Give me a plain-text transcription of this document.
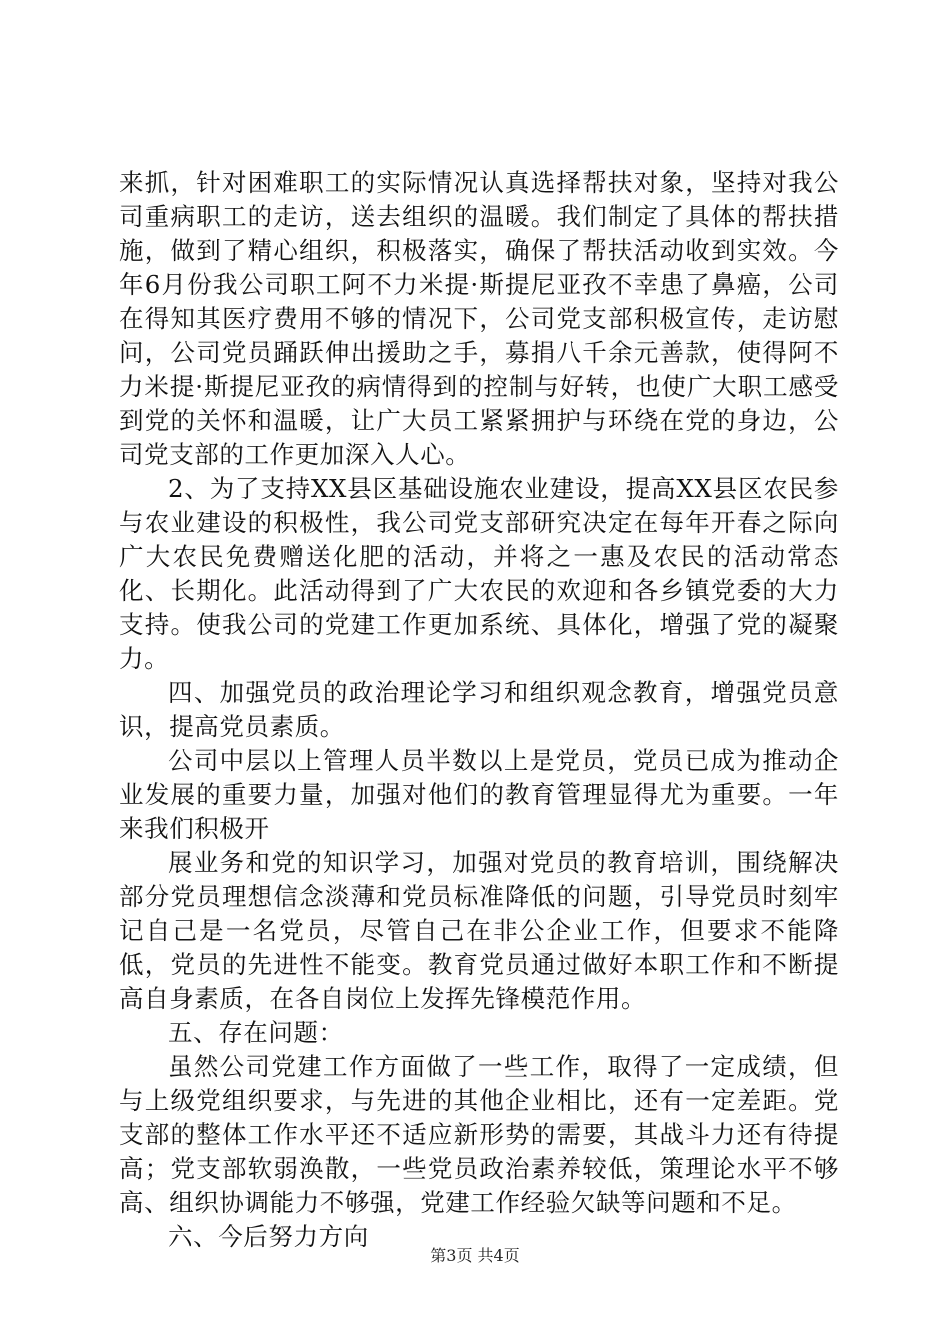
来抓，针对困难职工的实际情况认真选择帮扶对象，坚持对我公司重病职工的走访，送去组织的温暖。我们制定了具体的帮扶措施，做到了精心组织，积极落实，确保了帮扶活动收到实效。今年6月份我公司职工阿不力米提·斯提尼亚孜不幸患了鼻癌，公司在得知其医疗费用不够的情况下，公司党支部积极宣传，走访慰问，公司党员踊跃伸出援助之手，募捐八千余元善款，使得阿不力米提·斯提尼亚孜的病情得到的控制与好转，也使广大职工感受到党的关怀和温暖，让广大员工紧紧拥护与环绕在党的身边，公司党支部的工作更加深入人心。

2、为了支持XX县区基础设施农业建设，提高XX县区农民参与农业建设的积极性，我公司党支部研究决定在每年开春之际向广大农民免费赠送化肥的活动，并将之一惠及农民的活动常态化、长期化。此活动得到了广大农民的欢迎和各乡镇党委的大力支持。使我公司的党建工作更加系统、具体化，增强了党的凝聚力。

四、加强党员的政治理论学习和组织观念教育，增强党员意识，提高党员素质。

公司中层以上管理人员半数以上是党员，党员已成为推动企业发展的重要力量，加强对他们的教育管理显得尤为重要。一年来我们积极开

展业务和党的知识学习，加强对党员的教育培训，围绕解决部分党员理想信念淡薄和党员标准降低的问题，引导党员时刻牢记自己是一名党员，尽管自己在非公企业工作，但要求不能降低，党员的先进性不能变。教育党员通过做好本职工作和不断提高自身素质，在各自岗位上发挥先锋模范作用。

五、存在问题：

虽然公司党建工作方面做了一些工作，取得了一定成绩，但与上级党组织要求，与先进的其他企业相比，还有一定差距。党支部的整体工作水平还不适应新形势的需要，其战斗力还有待提高；党支部软弱涣散，一些党员政治素养较低，策理论水平不够高、组织协调能力不够强，党建工作经验欠缺等问题和不足。

六、今后努力方向

第3页 共4页
